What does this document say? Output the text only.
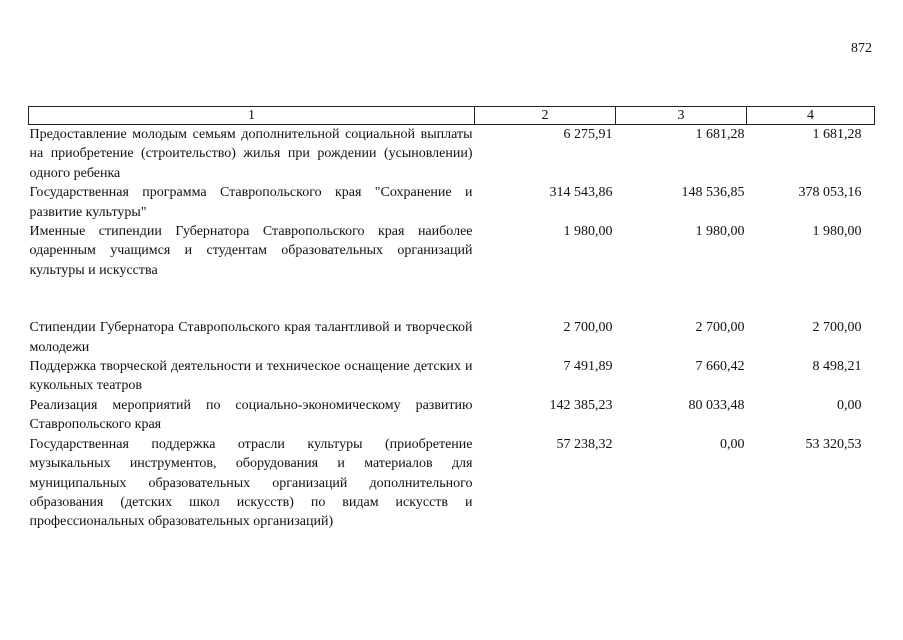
872
1	2	3	4
Предоставление молодым семьям дополнительной социальной выплаты на приобретение (строительство) жилья при рождении (усыновлении) одного ребенка	6 275,91	1 681,28	1 681,28
Государственная программа Ставропольского края "Сохранение и развитие культуры"	314 543,86	148 536,85	378 053,16
Именные стипендии Губернатора Ставропольского края наиболее одаренным учащимся и студентам образовательных организаций культуры и искусства	1 980,00	1 980,00	1 980,00

Стипендии Губернатора Ставропольского края талантливой и творческой молодежи	2 700,00	2 700,00	2 700,00
Поддержка творческой деятельности и техническое оснащение детских и кукольных театров	7 491,89	7 660,42	8 498,21
Реализация мероприятий по социально-экономическому развитию Ставропольского края	142 385,23	80 033,48	0,00
Государственная поддержка отрасли культуры (приобретение музыкальных инструментов, оборудования и материалов для муниципальных образовательных организаций дополнительного образования (детских школ искусств) по видам искусств и профессиональных образовательных организаций)	57 238,32	0,00	53 320,53
